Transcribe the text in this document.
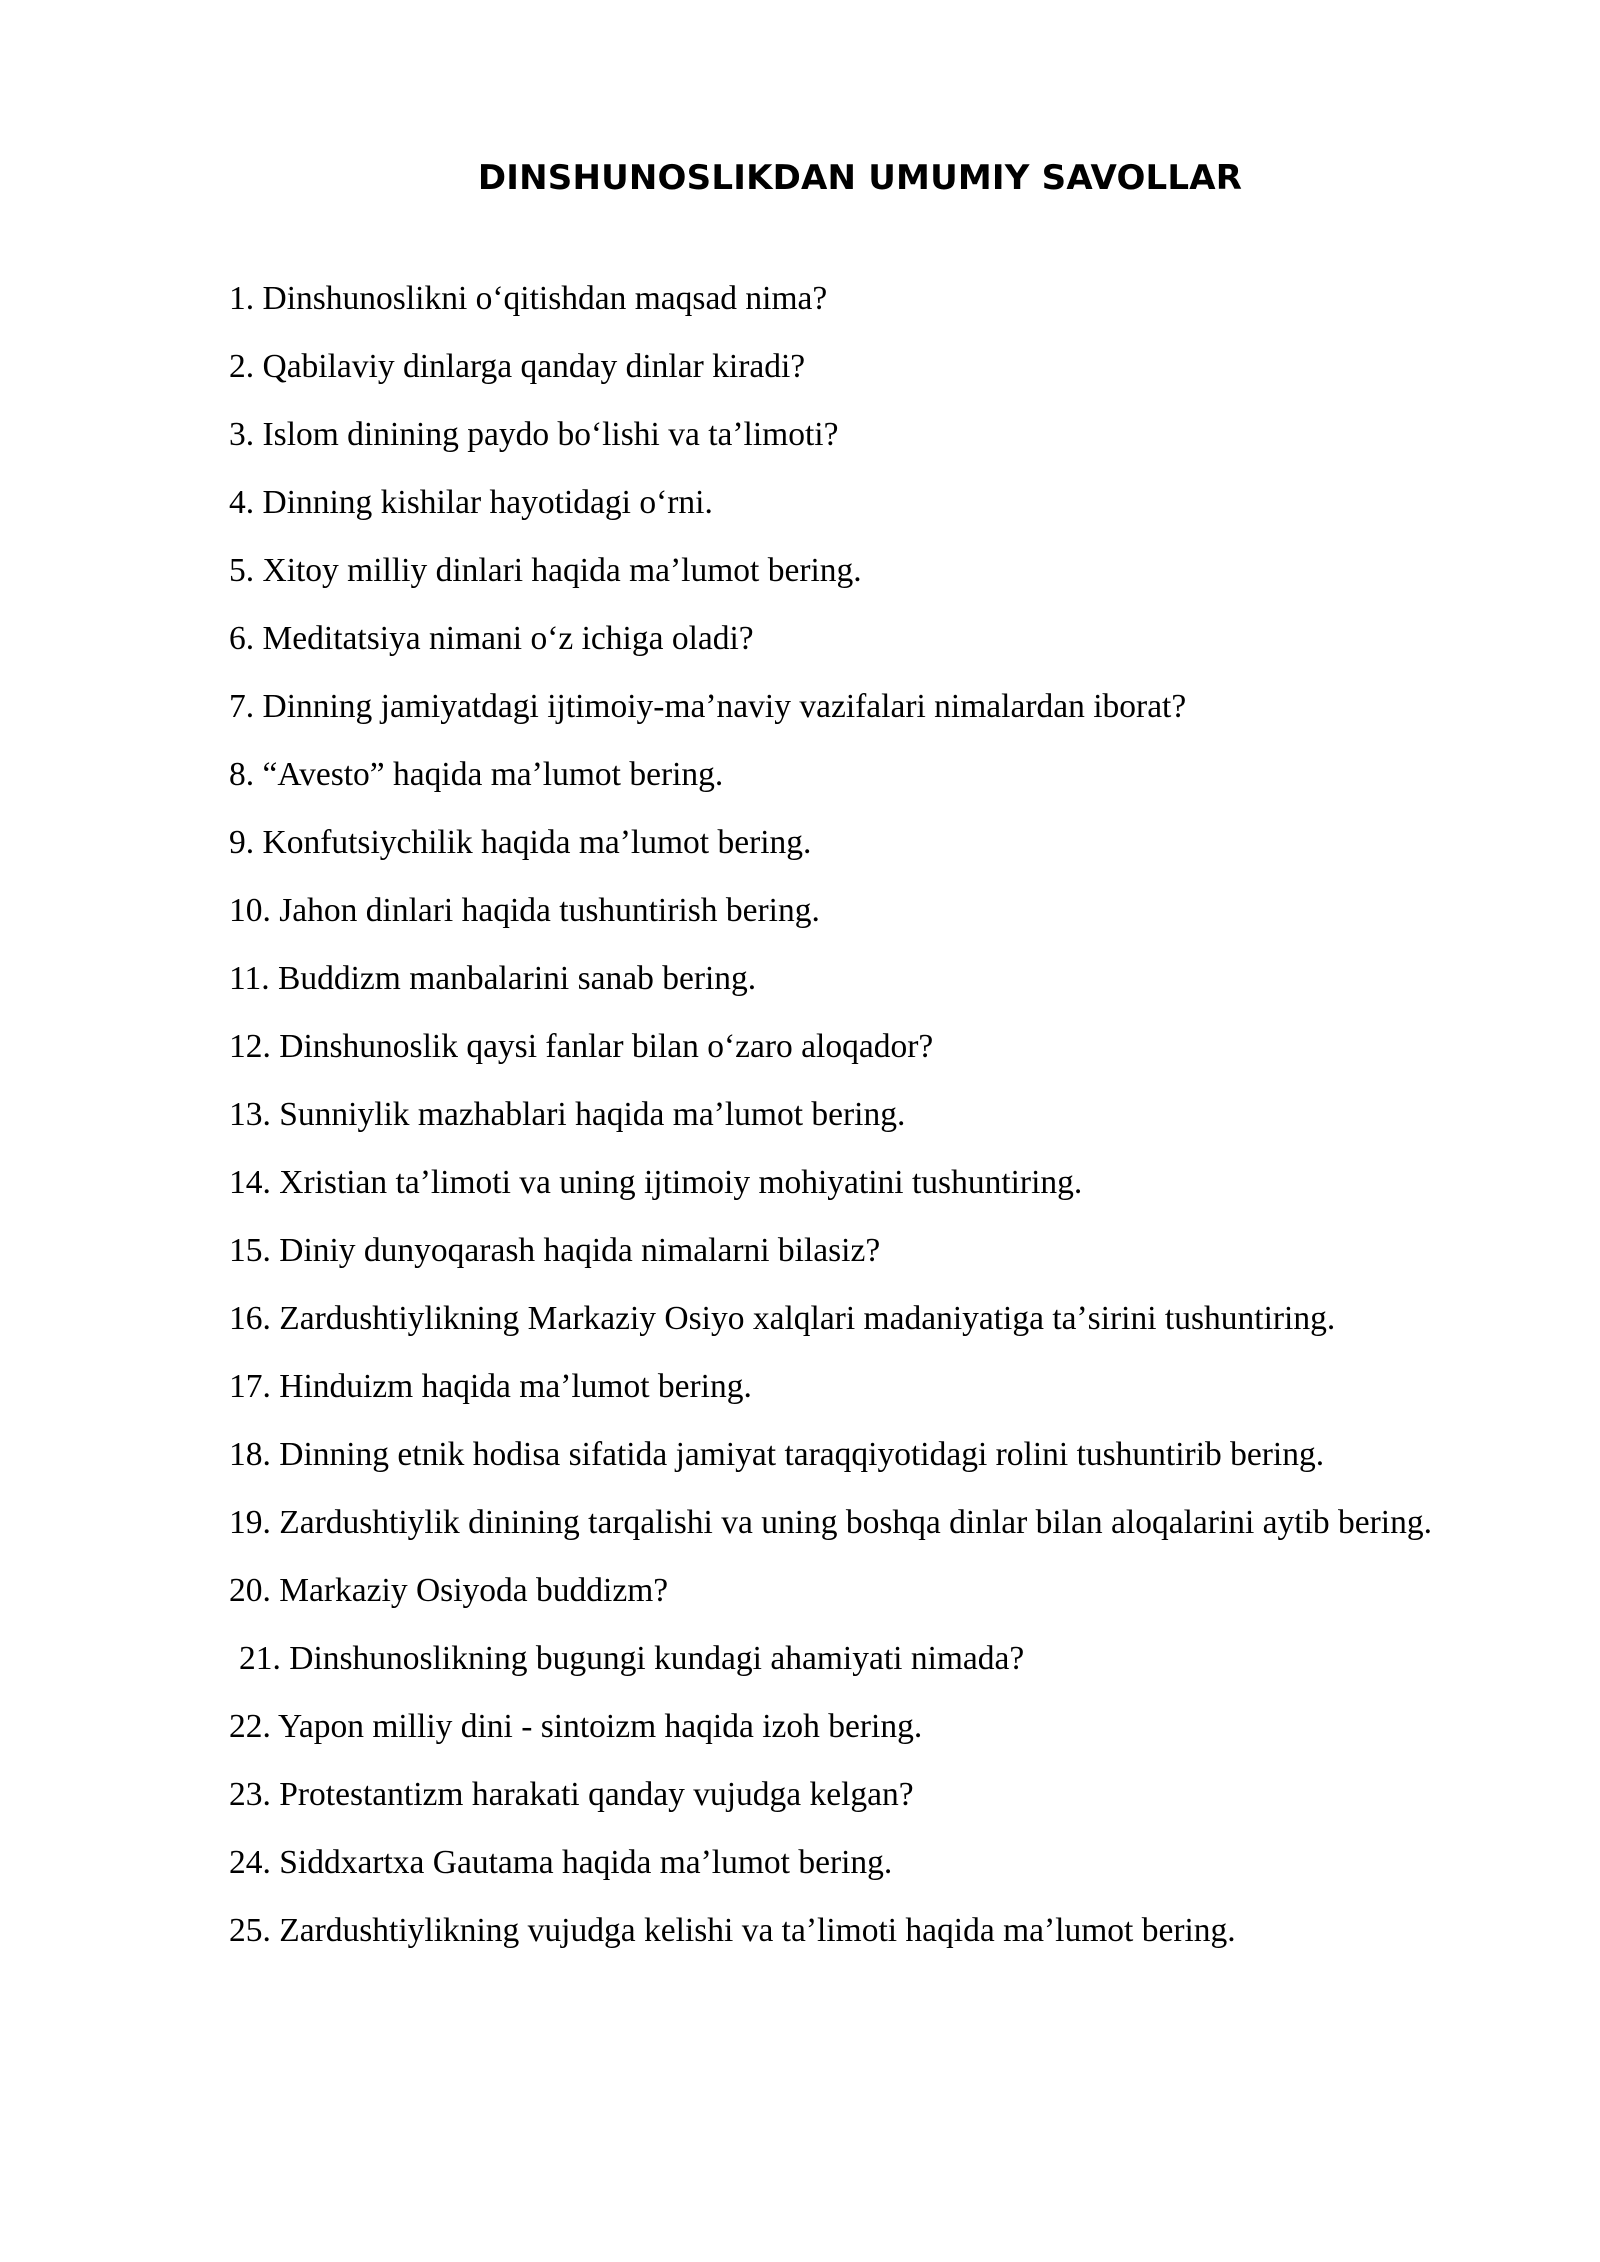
DINSHUNOSLIKDAN UMUMIY SAVOLLAR
1. Dinshunoslikni oʻqitishdan maqsad nima?
2. Qabilaviy dinlarga qanday dinlar kiradi?
3. Islom dinining paydo boʻlishi va taʼlimoti?
4. Dinning kishilar hayotidagi oʻrni.
5. Xitoy milliy dinlari haqida maʼlumot bering.
6. Meditatsiya nimani oʻz ichiga oladi?
7. Dinning jamiyatdagi ijtimoiy-maʼnaviy vazifalari nimalardan iborat?
8. “Avesto” haqida maʼlumot bering.
9. Konfutsiychilik haqida maʼlumot bering.
10. Jahon dinlari haqida tushuntirish bering.
11. Buddizm manbalarini sanab bering.
12. Dinshunoslik qaysi fanlar bilan oʻzaro aloqador?
13. Sunniylik mazhablari haqida maʼlumot bering.
14. Xristian taʼlimoti va uning ijtimoiy mohiyatini tushuntiring.
15. Diniy dunyoqarash haqida nimalarni bilasiz?
16. Zardushtiylikning Markaziy Osiyo xalqlari madaniyatiga taʼsirini tushuntiring.
17. Hinduizm haqida maʼlumot bering.
18. Dinning etnik hodisa sifatida jamiyat taraqqiyotidagi rolini tushuntirib bering.
19. Zardushtiylik dinining tarqalishi va uning boshqa dinlar bilan aloqalarini aytib bering.
20. Markaziy Osiyoda buddizm?
21. Dinshunoslikning bugungi kundagi ahamiyati nimada?
22. Yapon milliy dini - sintoizm haqida izoh bering.
23. Protestantizm harakati qanday vujudga kelgan?
24. Siddxartxa Gautama haqida maʼlumot bering.
25. Zardushtiylikning vujudga kelishi va taʼlimoti haqida maʼlumot bering.
